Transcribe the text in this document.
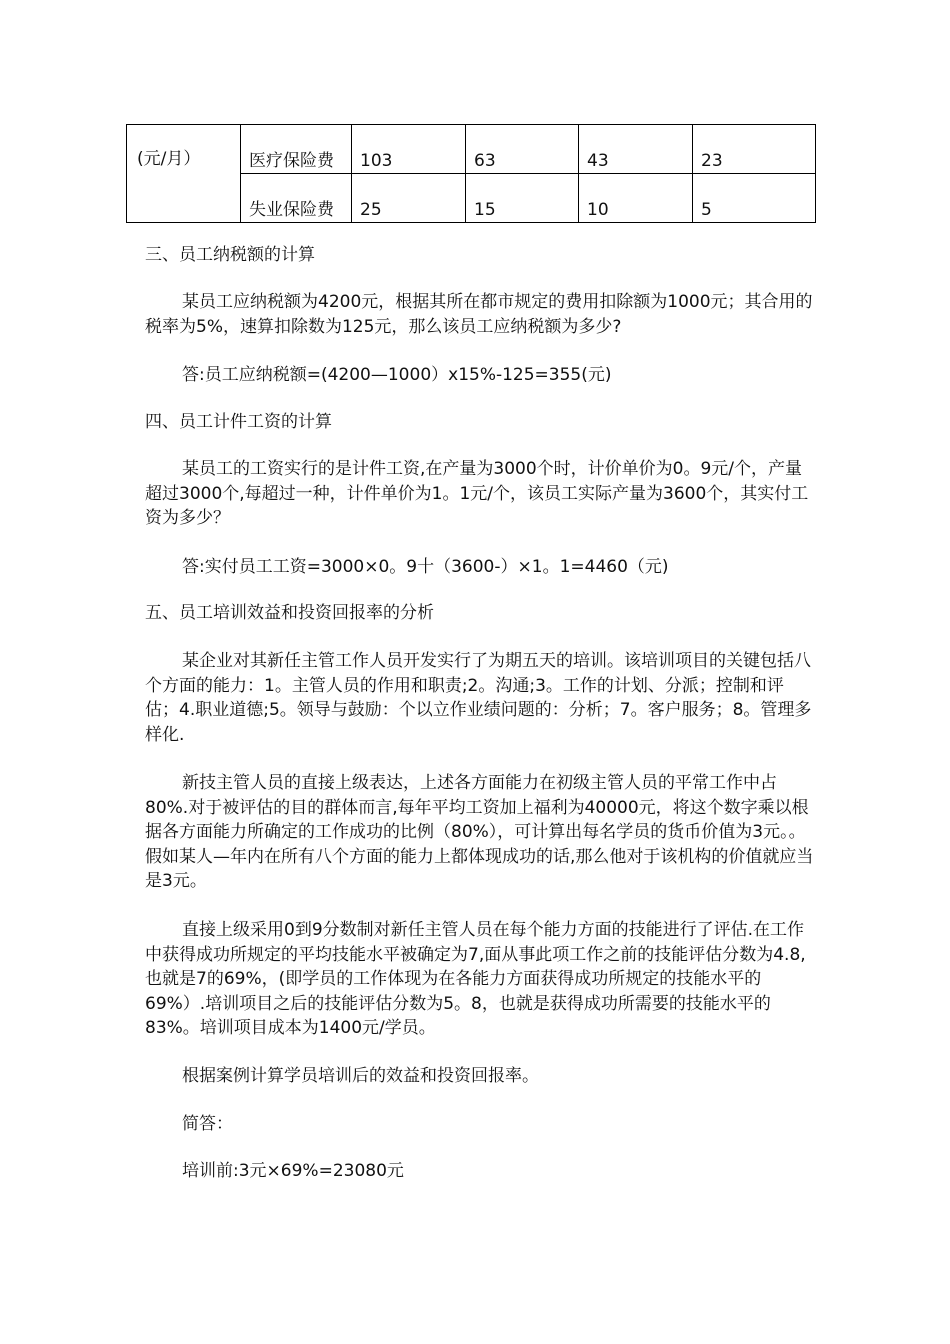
(元/月）	医疗保险费	103	63	43	23
	失业保险费	25	15	10	5

三、员工纳税额的计算

某员工应纳税额为4200元，根据其所在都市规定的费用扣除额为1000元；其合用的税率为5%，速算扣除数为125元，那么该员工应纳税额为多少?

答:员工应纳税额=(4200—1000）x15%-125=355(元)

四、员工计件工资的计算

某员工的工资实行的是计件工资,在产量为3000个时，计价单价为0。9元/个，产量超过3000个,每超过一种，计件单价为1。1元/个，该员工实际产量为3600个，其实付工资为多少？

答:实付员工工资=3000×0。9十（3600-）×1。1=4460（元)

五、员工培训效益和投资回报率的分析

某企业对其新任主管工作人员开发实行了为期五天的培训。该培训项目的关键包括八个方面的能力：1。主管人员的作用和职责;2。沟通;3。工作的计划、分派；控制和评估；4.职业道德;5。领导与鼓励：个以立作业绩问题的：分析；7。客户服务；8。管理多样化.

新技主管人员的直接上级表达，上述各方面能力在初级主管人员的平常工作中占80%.对于被评估的目的群体而言,每年平均工资加上福利为40000元，将这个数字乘以根据各方面能力所确定的工作成功的比例（80%），可计算出每名学员的货币价值为3元。。假如某人—年内在所有八个方面的能力上都体现成功的话,那么他对于该机构的价值就应当是3元。

直接上级采用0到9分数制对新任主管人员在每个能力方面的技能进行了评估.在工作中获得成功所规定的平均技能水平被确定为7,面从事此项工作之前的技能评估分数为4.8,也就是7的69%，(即学员的工作体现为在各能力方面获得成功所规定的技能水平的69%）.培训项目之后的技能评估分数为5。8，也就是获得成功所需要的技能水平的83%。培训项目成本为1400元/学员。

根据案例计算学员培训后的效益和投资回报率。

简答：

培训前:3元×69%=23080元
